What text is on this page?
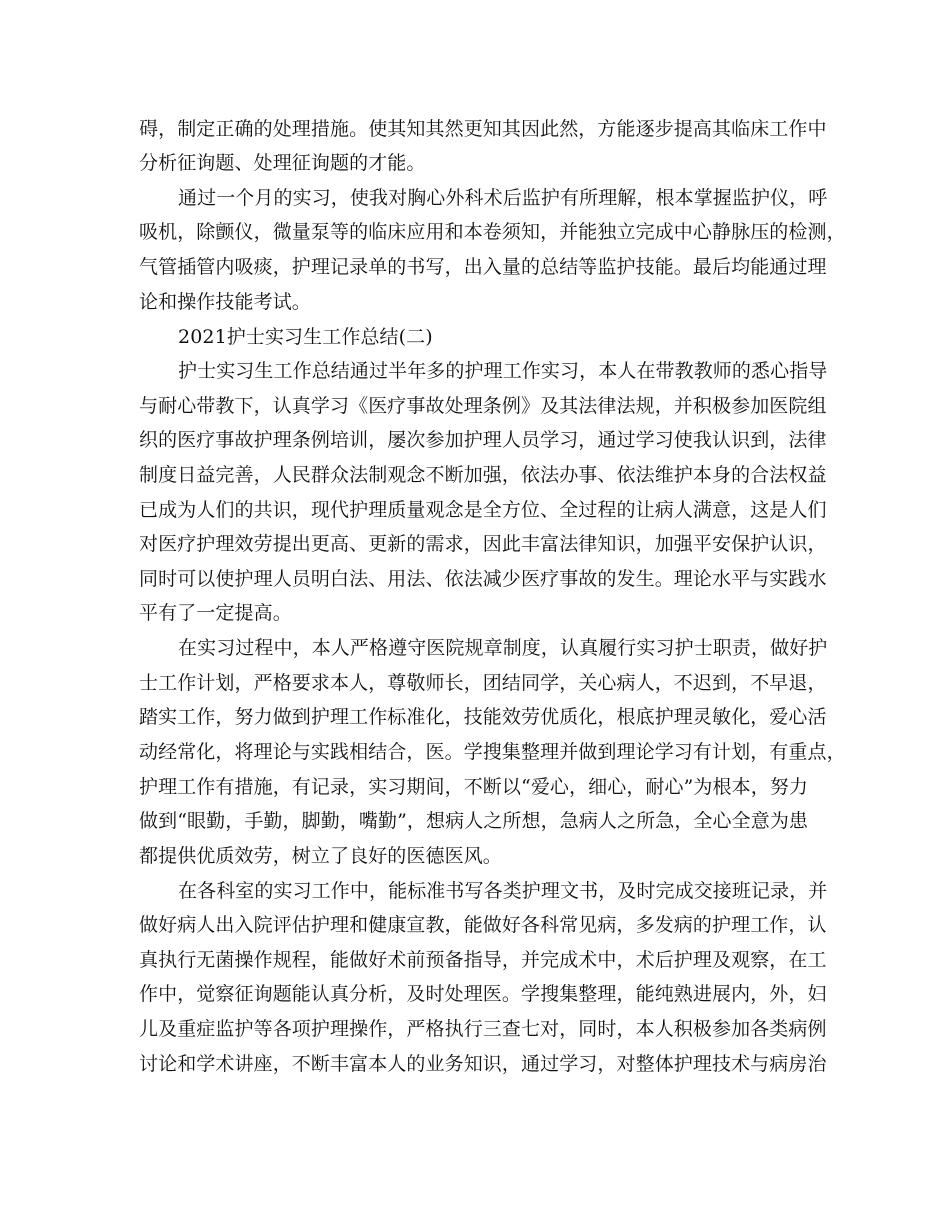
碍，制定正确的处理措施。使其知其然更知其因此然，方能逐步提高其临床工作中

分析征询题、处理征询题的才能。

通过一个月的实习，使我对胸心外科术后监护有所理解，根本掌握监护仪，呼

吸机，除颤仪，微量泵等的临床应用和本卷须知，并能独立完成中心静脉压的检测，

气管插管内吸痰，护理记录单的书写，出入量的总结等监护技能。最后均能通过理

论和操作技能考试。

2021护士实习生工作总结(二)

护士实习生工作总结通过半年多的护理工作实习，本人在带教教师的悉心指导

与耐心带教下，认真学习《医疗事故处理条例》及其法律法规，并积极参加医院组

织的医疗事故护理条例培训，屡次参加护理人员学习，通过学习使我认识到，法律

制度日益完善，人民群众法制观念不断加强，依法办事、依法维护本身的合法权益

已成为人们的共识，现代护理质量观念是全方位、全过程的让病人满意，这是人们

对医疗护理效劳提出更高、更新的需求，因此丰富法律知识，加强平安保护认识，

同时可以使护理人员明白法、用法、依法减少医疗事故的发生。理论水平与实践水

平有了一定提高。

在实习过程中，本人严格遵守医院规章制度，认真履行实习护士职责，做好护

士工作计划，严格要求本人，尊敬师长，团结同学，关心病人，不迟到，不早退，

踏实工作，努力做到护理工作标准化，技能效劳优质化，根底护理灵敏化，爱心活

动经常化，将理论与实践相结合，医。学搜集整理并做到理论学习有计划，有重点，

护理工作有措施，有记录，实习期间，不断以“爱心，细心，耐心”为根本，努力

做到“眼勤，手勤，脚勤，嘴勤”，想病人之所想，急病人之所急，全心全意为患

都提供优质效劳，树立了良好的医德医风。

在各科室的实习工作中，能标准书写各类护理文书，及时完成交接班记录，并

做好病人出入院评估护理和健康宣教，能做好各科常见病，多发病的护理工作，认

真执行无菌操作规程，能做好术前预备指导，并完成术中，术后护理及观察，在工

作中，觉察征询题能认真分析，及时处理医。学搜集整理，能纯熟进展内，外，妇

儿及重症监护等各项护理操作，严格执行三查七对，同时，本人积极参加各类病例

讨论和学术讲座，不断丰富本人的业务知识，通过学习，对整体护理技术与病房治
